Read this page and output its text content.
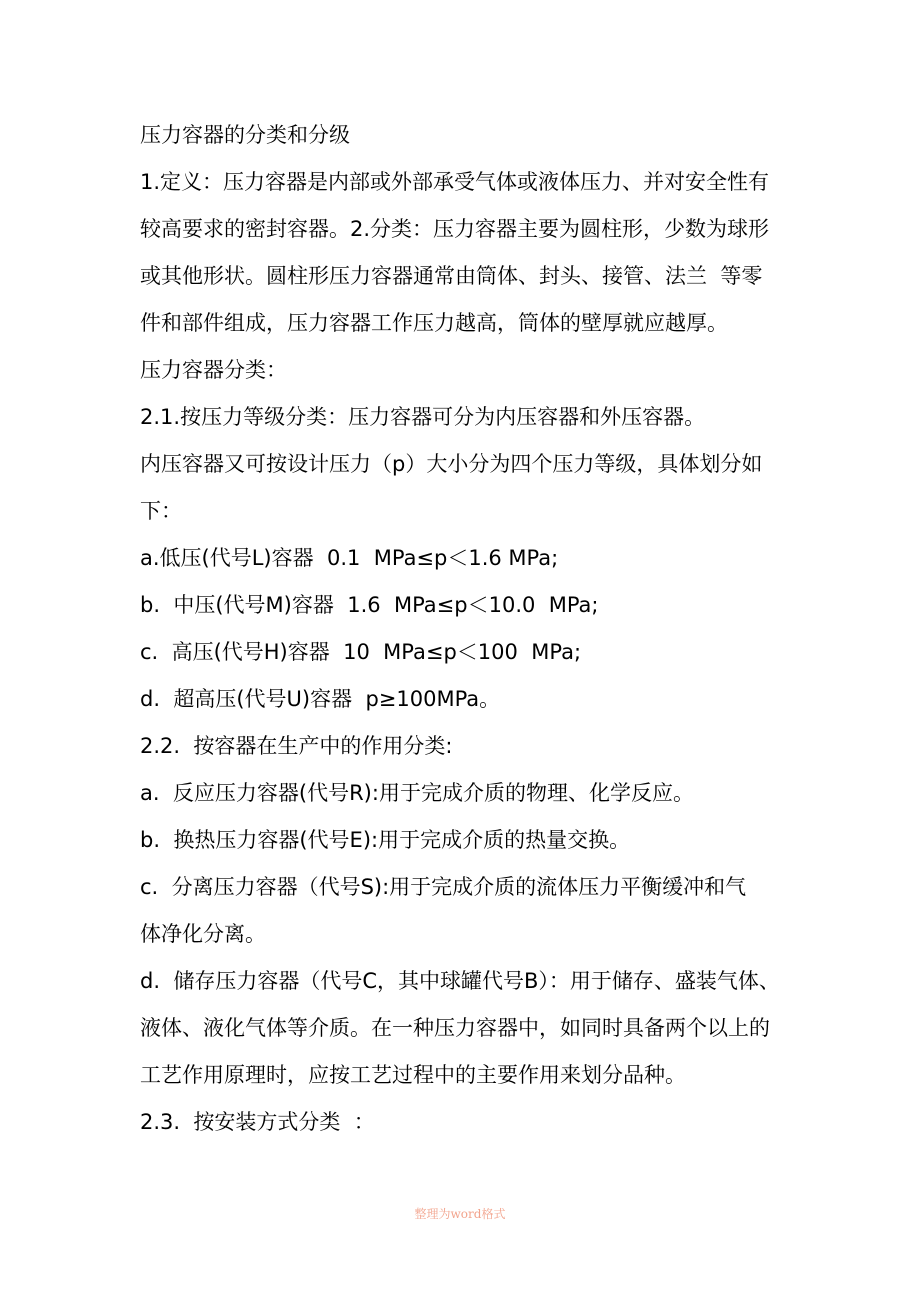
压力容器的分类和分级
1.定义：压力容器是内部或外部承受气体或液体压力、并对安全性有
较高要求的密封容器。2.分类：压力容器主要为圆柱形，少数为球形
或其他形状。圆柱形压力容器通常由筒体、封头、接管、法兰  等零
件和部件组成，压力容器工作压力越高，筒体的壁厚就应越厚。
压力容器分类：
2.1.按压力等级分类：压力容器可分为内压容器和外压容器。
内压容器又可按设计压力（p）大小分为四个压力等级，具体划分如
下：
a.低压(代号L)容器  0.1  MPa≤p＜1.6 MPa;
b.  中压(代号M)容器  1.6  MPa≤p＜10.0  MPa;
c.  高压(代号H)容器  10  MPa≤p＜100  MPa;
d.  超高压(代号U)容器  p≥100MPa。
2.2.  按容器在生产中的作用分类:
a.  反应压力容器(代号R):用于完成介质的物理、化学反应。
b.  换热压力容器(代号E):用于完成介质的热量交换。
c.  分离压力容器（代号S):用于完成介质的流体压力平衡缓冲和气
体净化分离。
d.  储存压力容器（代号C，其中球罐代号B）：用于储存、盛装气体、
液体、液化气体等介质。在一种压力容器中，如同时具备两个以上的
工艺作用原理时，应按工艺过程中的主要作用来划分品种。
2.3.  按安装方式分类  ：
整理为word格式
